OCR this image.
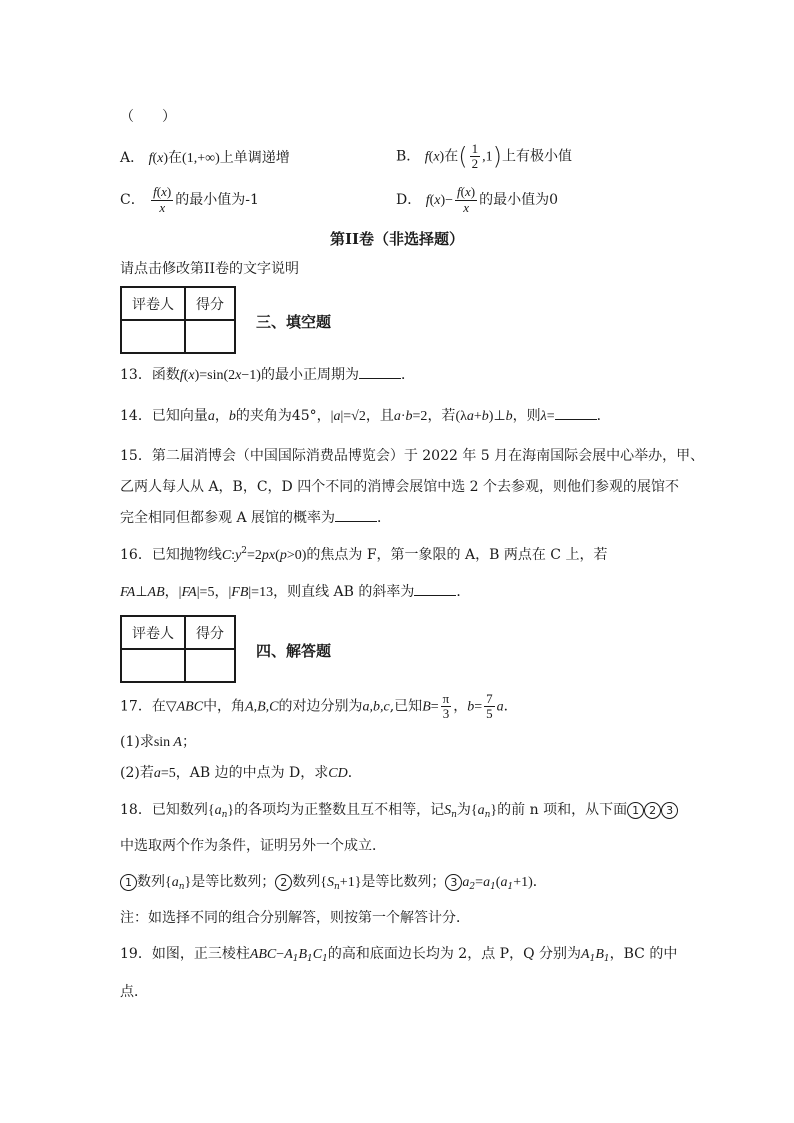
（　　）
A． f(x)在(1,+∞)上单调递增	B． f(x)在( $\frac{1}{2} ,1$)上有极小值
C． $\frac{f(x)}{x}$ 的最小值为-1	D． $f(x)- \frac{f(x)}{x}$ 的最小值为0
第II卷（非选择题）
请点击修改第II卷的文字说明
评卷人	得分

三、填空题
13．函数f(x)=sin(2x−1)的最小正周期为	．
14．已知向量a，b的夹角为45°，|a|=√2，且a·b=2，若(λa+b)⊥b，则λ=	．
15．第二届消博会（中国国际消费品博览会）于 2022 年 5 月在海南国际会展中心举办，甲、
乙两人每人从 A，B，C，D 四个不同的消博会展馆中选 2 个去参观，则他们参观的展馆不
完全相同但都参观 A 展馆的概率为	．
16．已知抛物线$C:y^2=2px(p>0)$的焦点为 F，第一象限的 A，B 两点在 C 上，若
FA⊥AB，|FA|=5，|FB|=13，则直线 AB 的斜率为	．
评卷人	得分

四、解答题
17．在▽ABC中，角A,B,C的对边分别为a,b,c,已知$B= \frac{\pi}{3}$ ，$b= \frac{7}{5}$ a．
(1)求sin A；
(2)若a=5，AB 边的中点为 D，求CD．
18．已知数列$\{a_n\}$的各项均为正整数且互不相等，记$S_n$为$\{a_n\}$的前 n 项和，从下面 1 2 3
中选取两个作为条件，证明另外一个成立．
1 数列$\{a_n\}$是等比数列； 2 数列$\{S_n+1\}$是等比数列； 3 $a_2=a_1(a_1+1)$．
注：如选择不同的组合分别解答，则按第一个解答计分．
19．如图，正三棱柱$ABC-A_1B_1C_1$的高和底面边长均为 2，点 P，Q 分别为$A_1B_1$，BC 的中
点．
